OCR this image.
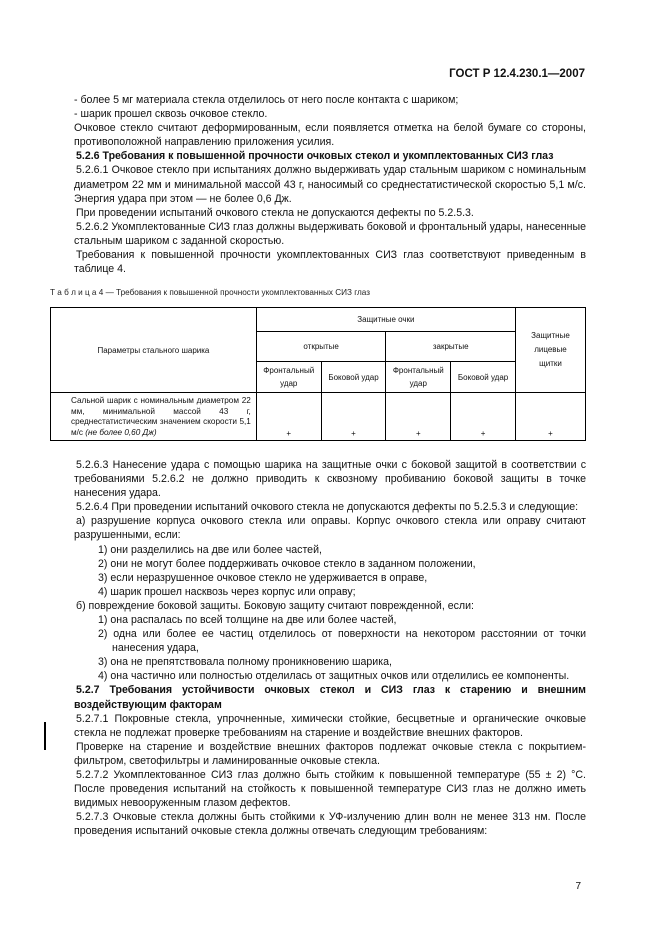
ГОСТ Р 12.4.230.1—2007

- более 5 мг материала стекла отделилось от него после контакта с шариком;

- шарик прошел сквозь очковое стекло.

Очковое стекло считают деформированным, если появляется отметка на белой бумаге со стороны, противоположной направлению приложения усилия.

5.2.6 Требования к повышенной прочности очковых стекол и укомплектованных СИЗ глаз

5.2.6.1 Очковое стекло при испытаниях должно выдерживать удар стальным шариком с номинальным диаметром 22 мм и минимальной массой 43 г, наносимый со среднестатистической скоростью 5,1 м/с. Энергия удара при этом — не более 0,6 Дж.

При проведении испытаний очкового стекла не допускаются дефекты по 5.2.5.3.

5.2.6.2 Укомплектованные СИЗ глаз должны выдерживать боковой и фронтальный удары, нанесенные стальным шариком с заданной скоростью.

Требования к повышенной прочности укомплектованных СИЗ глаз соответствуют приведенным в таблице 4.

Т а б л и ц а 4 — Требования к повышенной прочности укомплектованных СИЗ глаз
Параметры стального шарика	Защитные очки				Защитные лицевые щитки
	открытые		закрытые		
	Фронтальный удар	Боковой удар	Фронтальный удар	Боковой удар	
Сальной шарик с номинальным диаметром 22 мм, минимальной массой 43 г, среднестатистическим значением скорости 5,1 м/с (не более 0,60 Дж)	+	+	+	+	+

5.2.6.3 Нанесение удара с помощью шарика на защитные очки с боковой защитой в соответствии с требованиями 5.2.6.2 не должно приводить к сквозному пробиванию боковой защиты в точке нанесения удара.

5.2.6.4 При проведении испытаний очкового стекла не допускаются дефекты по 5.2.5.3 и следующие:

а) разрушение корпуса очкового стекла или оправы. Корпус очкового стекла или оправу считают разрушенными, если:

1) они разделились на две или более частей,

2) они не могут более поддерживать очковое стекло в заданном положении,

3) если неразрушенное очковое стекло не удерживается в оправе,

4) шарик прошел насквозь через корпус или оправу;

б) повреждение боковой защиты. Боковую защиту считают поврежденной, если:

1) она распалась по всей толщине на две или более частей,

2) одна или более ее частиц отделилось от поверхности на некотором расстоянии от точки нанесения удара,

3) она не препятствовала полному проникновению шарика,

4) она частично или полностью отделилась от защитных очков или отделились ее компоненты.

5.2.7 Требования устойчивости очковых стекол и СИЗ глаз к старению и внешним воздействующим факторам

5.2.7.1 Покровные стекла, упрочненные, химически стойкие, бесцветные и органические очковые стекла не подлежат проверке требованиям на старение и воздействие внешних факторов.

Проверке на старение и воздействие внешних факторов подлежат очковые стекла с покрытием-фильтром, светофильтры и ламинированные очковые стекла.

5.2.7.2 Укомплектованное СИЗ глаз должно быть стойким к повышенной температуре (55 ± 2) °С. После проведения испытаний на стойкость к повышенной температуре СИЗ глаз не должно иметь видимых невооруженным глазом дефектов.

5.2.7.3 Очковые стекла должны быть стойкими к УФ-излучению длин волн не менее 313 нм. После проведения испытаний очковые стекла должны отвечать следующим требованиям:

7
